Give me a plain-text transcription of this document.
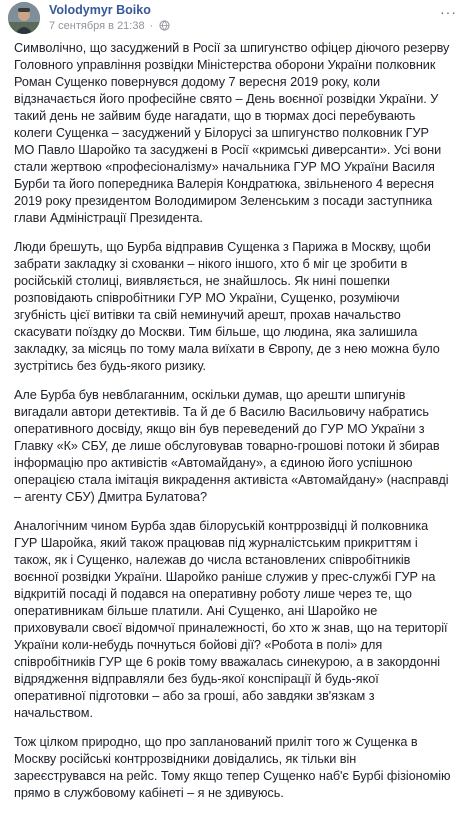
Volodymyr Boiko
7 сентября в 21:38 ·
···

Символічно, що засуджений в Росії за шпигунство офіцер діючого резерву Головного управління розвідки Міністерства оборони України полковник Роман Сущенко повернувся додому 7 вересня 2019 року, коли відзначається його професійне свято – День воєнної розвідки України. У такий день не зайвим буде нагадати, що в тюрмах досі перебувають колеги Сущенка – засуджений у Білорусі за шпигунство полковник ГУР МО Павло Шаройко та засуджені в Росії «кримські диверсанти». Усі вони стали жертвою «професіоналізму» начальника ГУР МО України Василя Бурби та його попередника Валерія Кондратюка, звільненого 4 вересня 2019 року президентом Володимиром Зеленським з посади заступника глави Адміністрації Президента.

Люди брешуть, що Бурба відправив Сущенка з Парижа в Москву, щоби забрати закладку зі схованки – нікого іншого, хто б міг це зробити в російській столиці, виявляється, не знайшлось. Як нині пошепки розповідають співробітники ГУР МО України, Сущенко, розуміючи згубність цієї витівки та свій неминучий арешт, прохав начальство скасувати поїздку до Москви. Тим більше, що людина, яка залишила закладку, за місяць по тому мала виїхати в Європу, де з нею можна було зустрітись без будь-якого ризику.

Але Бурба був невблаганним, оскільки думав, що арешти шпигунів вигадали автори детективів. Та й де б Василю Васильовичу набратись оперативного досвіду, якщо він був переведений до ГУР МО України з Главку «К» СБУ, де лише обслуговував товарно-грошові потоки й збирав інформацію про активістів «Автомайдану», а єдиною його успішною операцією стала імітація викрадення активіста «Автомайдану» (насправді – агенту СБУ) Дмитра Булатова?

Аналогічним чином Бурба здав білоруській контррозвідці й полковника ГУР Шаройка, який також працював під журналістським прикриттям і також, як і Сущенко, належав до числа встановлених співробітників воєнної розвідки України. Шаройко раніше служив у прес-службі ГУР на відкритій посаді й подався на оперативну роботу лише через те, що оперативникам більше платили. Ані Сущенко, ані Шаройко не приховували своєї відомчої приналежності, бо хто ж знав, що на території України коли-небудь почнуться бойові дії? «Робота в полі» для співробітників ГУР ще 6 років тому вважалась синекурою, а в закордонні відрядження відправляли без будь-якої конспірації й будь-якої оперативної підготовки – або за гроші, або завдяки зв'язкам з начальством.

Тож цілком природно, що про запланований приліт того ж Сущенка в Москву російські контррозвідники довідались, як тільки він зареєструвався на рейс. Тому якщо тепер Сущенко наб'є Бурбі фізіономію прямо в службовому кабінеті – я не здивуюсь.
